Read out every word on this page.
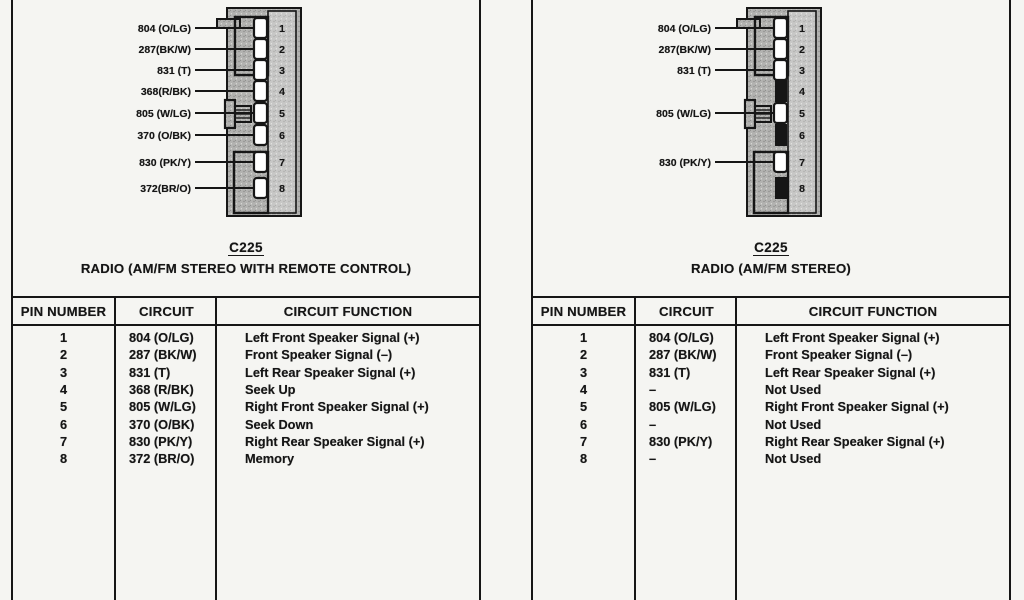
804 (O/LG)	1
287(BK/W)	2
831 (T)	3
368(R/BK)	4
805 (W/LG)	5
370 (O/BK)	6
830 (PK/Y)	7
372(BR/O)	8
C225
RADIO (AM/FM STEREO WITH REMOTE CONTROL)
PIN NUMBER	CIRCUIT	CIRCUIT FUNCTION
1	804 (O/LG)	Left Front Speaker Signal (+)
2	287 (BK/W)	Front Speaker Signal (–)
3	831 (T)	Left Rear Speaker Signal (+)
4	368 (R/BK)	Seek Up
5	805 (W/LG)	Right Front Speaker Signal (+)
6	370 (O/BK)	Seek Down
7	830 (PK/Y)	Right Rear Speaker Signal (+)
8	372 (BR/O)	Memory
804 (O/LG)	1
287(BK/W)	2
831 (T)	3
4
805 (W/LG)	5
6
830 (PK/Y)	7
8
C225
RADIO (AM/FM STEREO)
PIN NUMBER	CIRCUIT	CIRCUIT FUNCTION
1	804 (O/LG)	Left Front Speaker Signal (+)
2	287 (BK/W)	Front Speaker Signal (–)
3	831 (T)	Left Rear Speaker Signal (+)
4	–	Not Used
5	805 (W/LG)	Right Front Speaker Signal (+)
6	–	Not Used
7	830 (PK/Y)	Right Rear Speaker Signal (+)
8	–	Not Used
